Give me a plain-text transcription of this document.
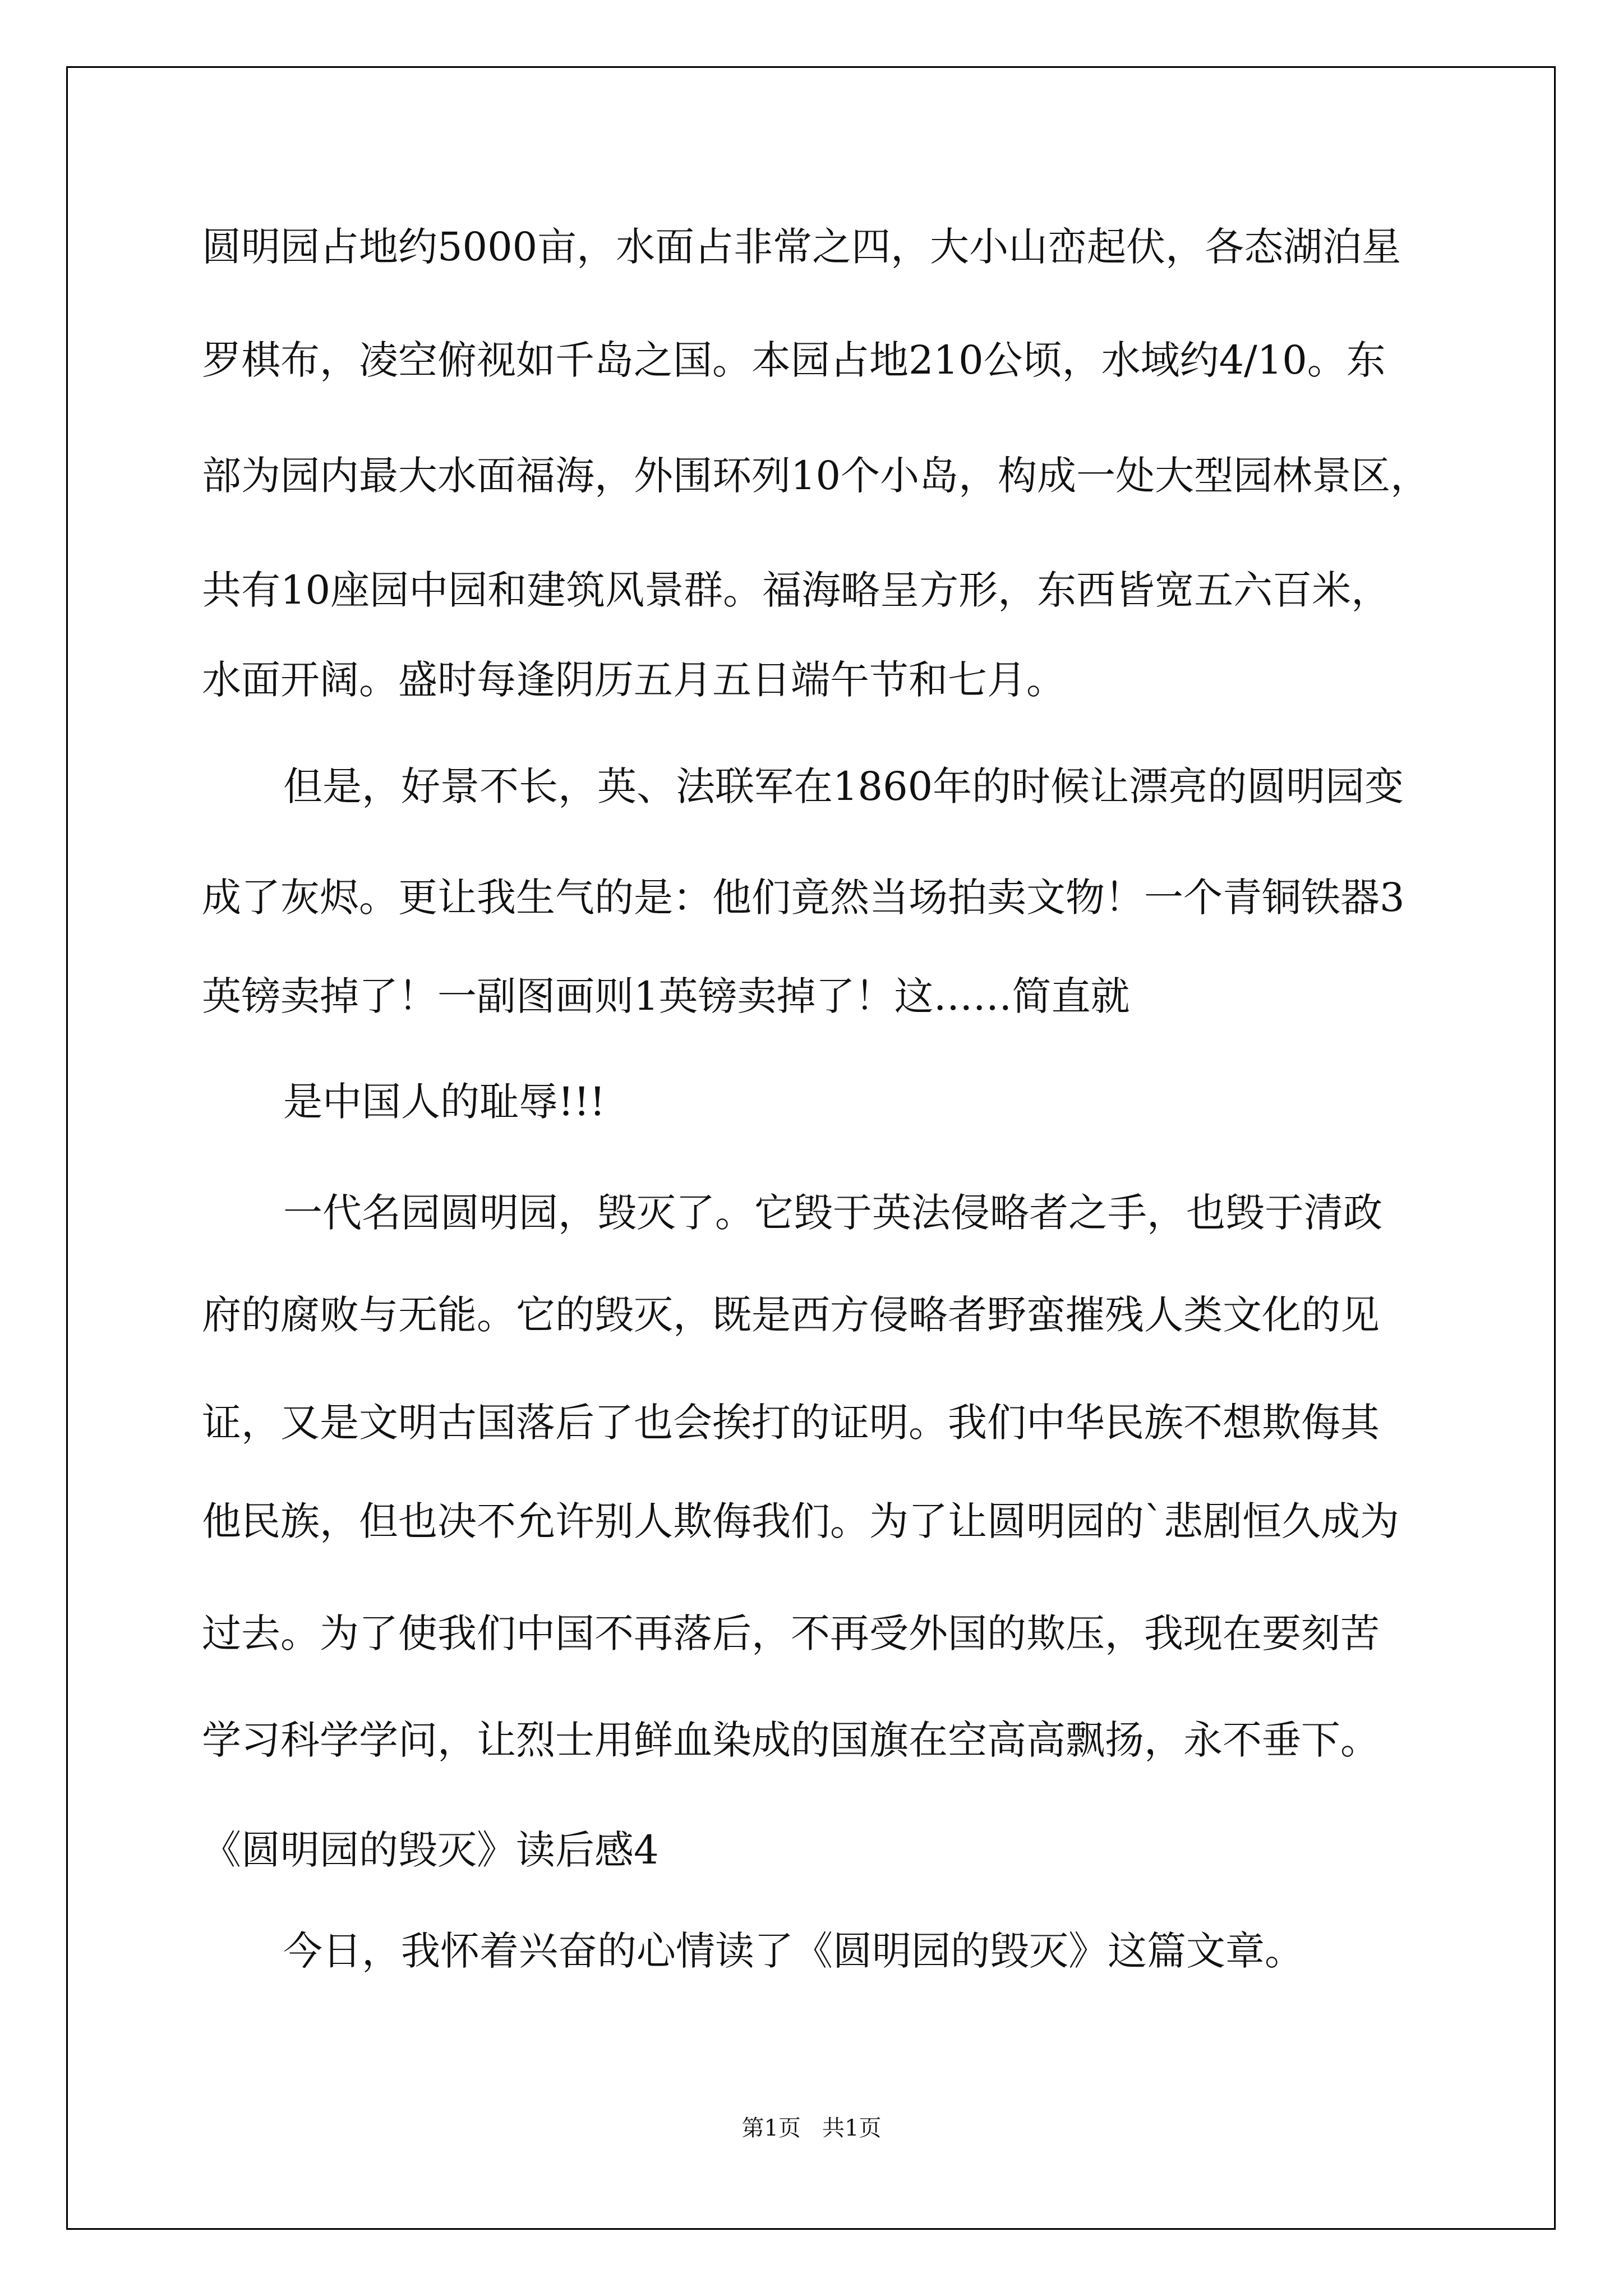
圆明园占地约5000亩，水面占非常之四，大小山峦起伏，各态湖泊星

罗棋布，凌空俯视如千岛之国。本园占地210公顷，水域约4/10。东

部为园内最大水面福海，外围环列10个小岛，构成一处大型园林景区，

共有10座园中园和建筑风景群。福海略呈方形，东西皆宽五六百米，

水面开阔。盛时每逢阴历五月五日端午节和七月。

但是，好景不长，英、法联军在1860年的时候让漂亮的圆明园变

成了灰烬。更让我生气的是：他们竟然当场拍卖文物！一个青铜铁器3

英镑卖掉了！一副图画则1英镑卖掉了！这……简直就

是中国人的耻辱!!!

一代名园圆明园，毁灭了。它毁于英法侵略者之手，也毁于清政

府的腐败与无能。它的毁灭，既是西方侵略者野蛮摧残人类文化的见

证，又是文明古国落后了也会挨打的证明。我们中华民族不想欺侮其

他民族，但也决不允许别人欺侮我们。为了让圆明园的`悲剧恒久成为

过去。为了使我们中国不再落后，不再受外国的欺压，我现在要刻苦

学习科学学问，让烈士用鲜血染成的国旗在空高高飘扬，永不垂下。

《圆明园的毁灭》读后感4

今日，我怀着兴奋的心情读了《圆明园的毁灭》这篇文章。

第1页   共1页
